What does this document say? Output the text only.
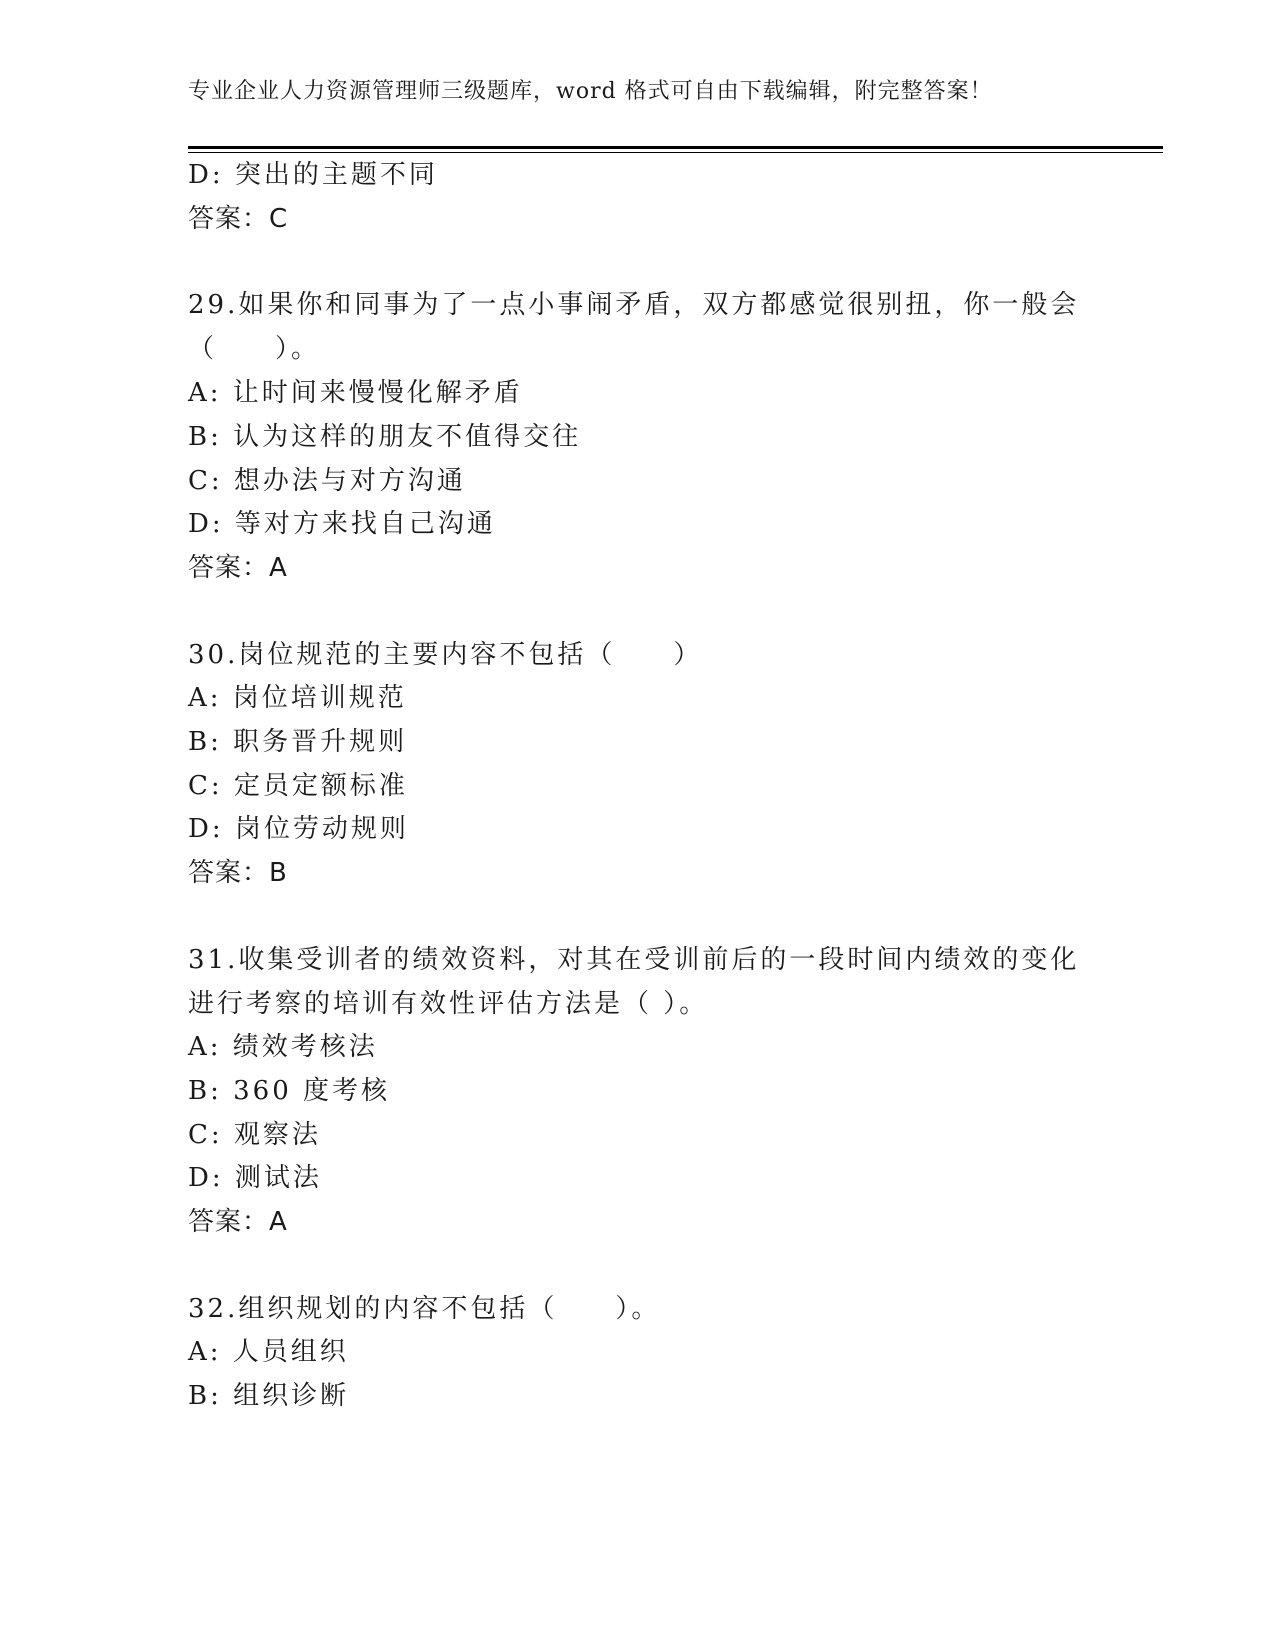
专业企业人力资源管理师三级题库，word 格式可自由下载编辑，附完整答案！
D: 突出的主题不同
答案：C
29.如果你和同事为了一点小事闹矛盾，双方都感觉很别扭，你一般会
（　　）。
A: 让时间来慢慢化解矛盾
B: 认为这样的朋友不值得交往
C: 想办法与对方沟通
D: 等对方来找自己沟通
答案：A
30.岗位规范的主要内容不包括（　　）
A: 岗位培训规范
B: 职务晋升规则
C: 定员定额标准
D: 岗位劳动规则
答案：B
31.收集受训者的绩效资料，对其在受训前后的一段时间内绩效的变化
进行考察的培训有效性评估方法是（ ）。
A: 绩效考核法
B: 360 度考核
C: 观察法
D: 测试法
答案：A
32.组织规划的内容不包括（　　）。
A: 人员组织
B: 组织诊断
